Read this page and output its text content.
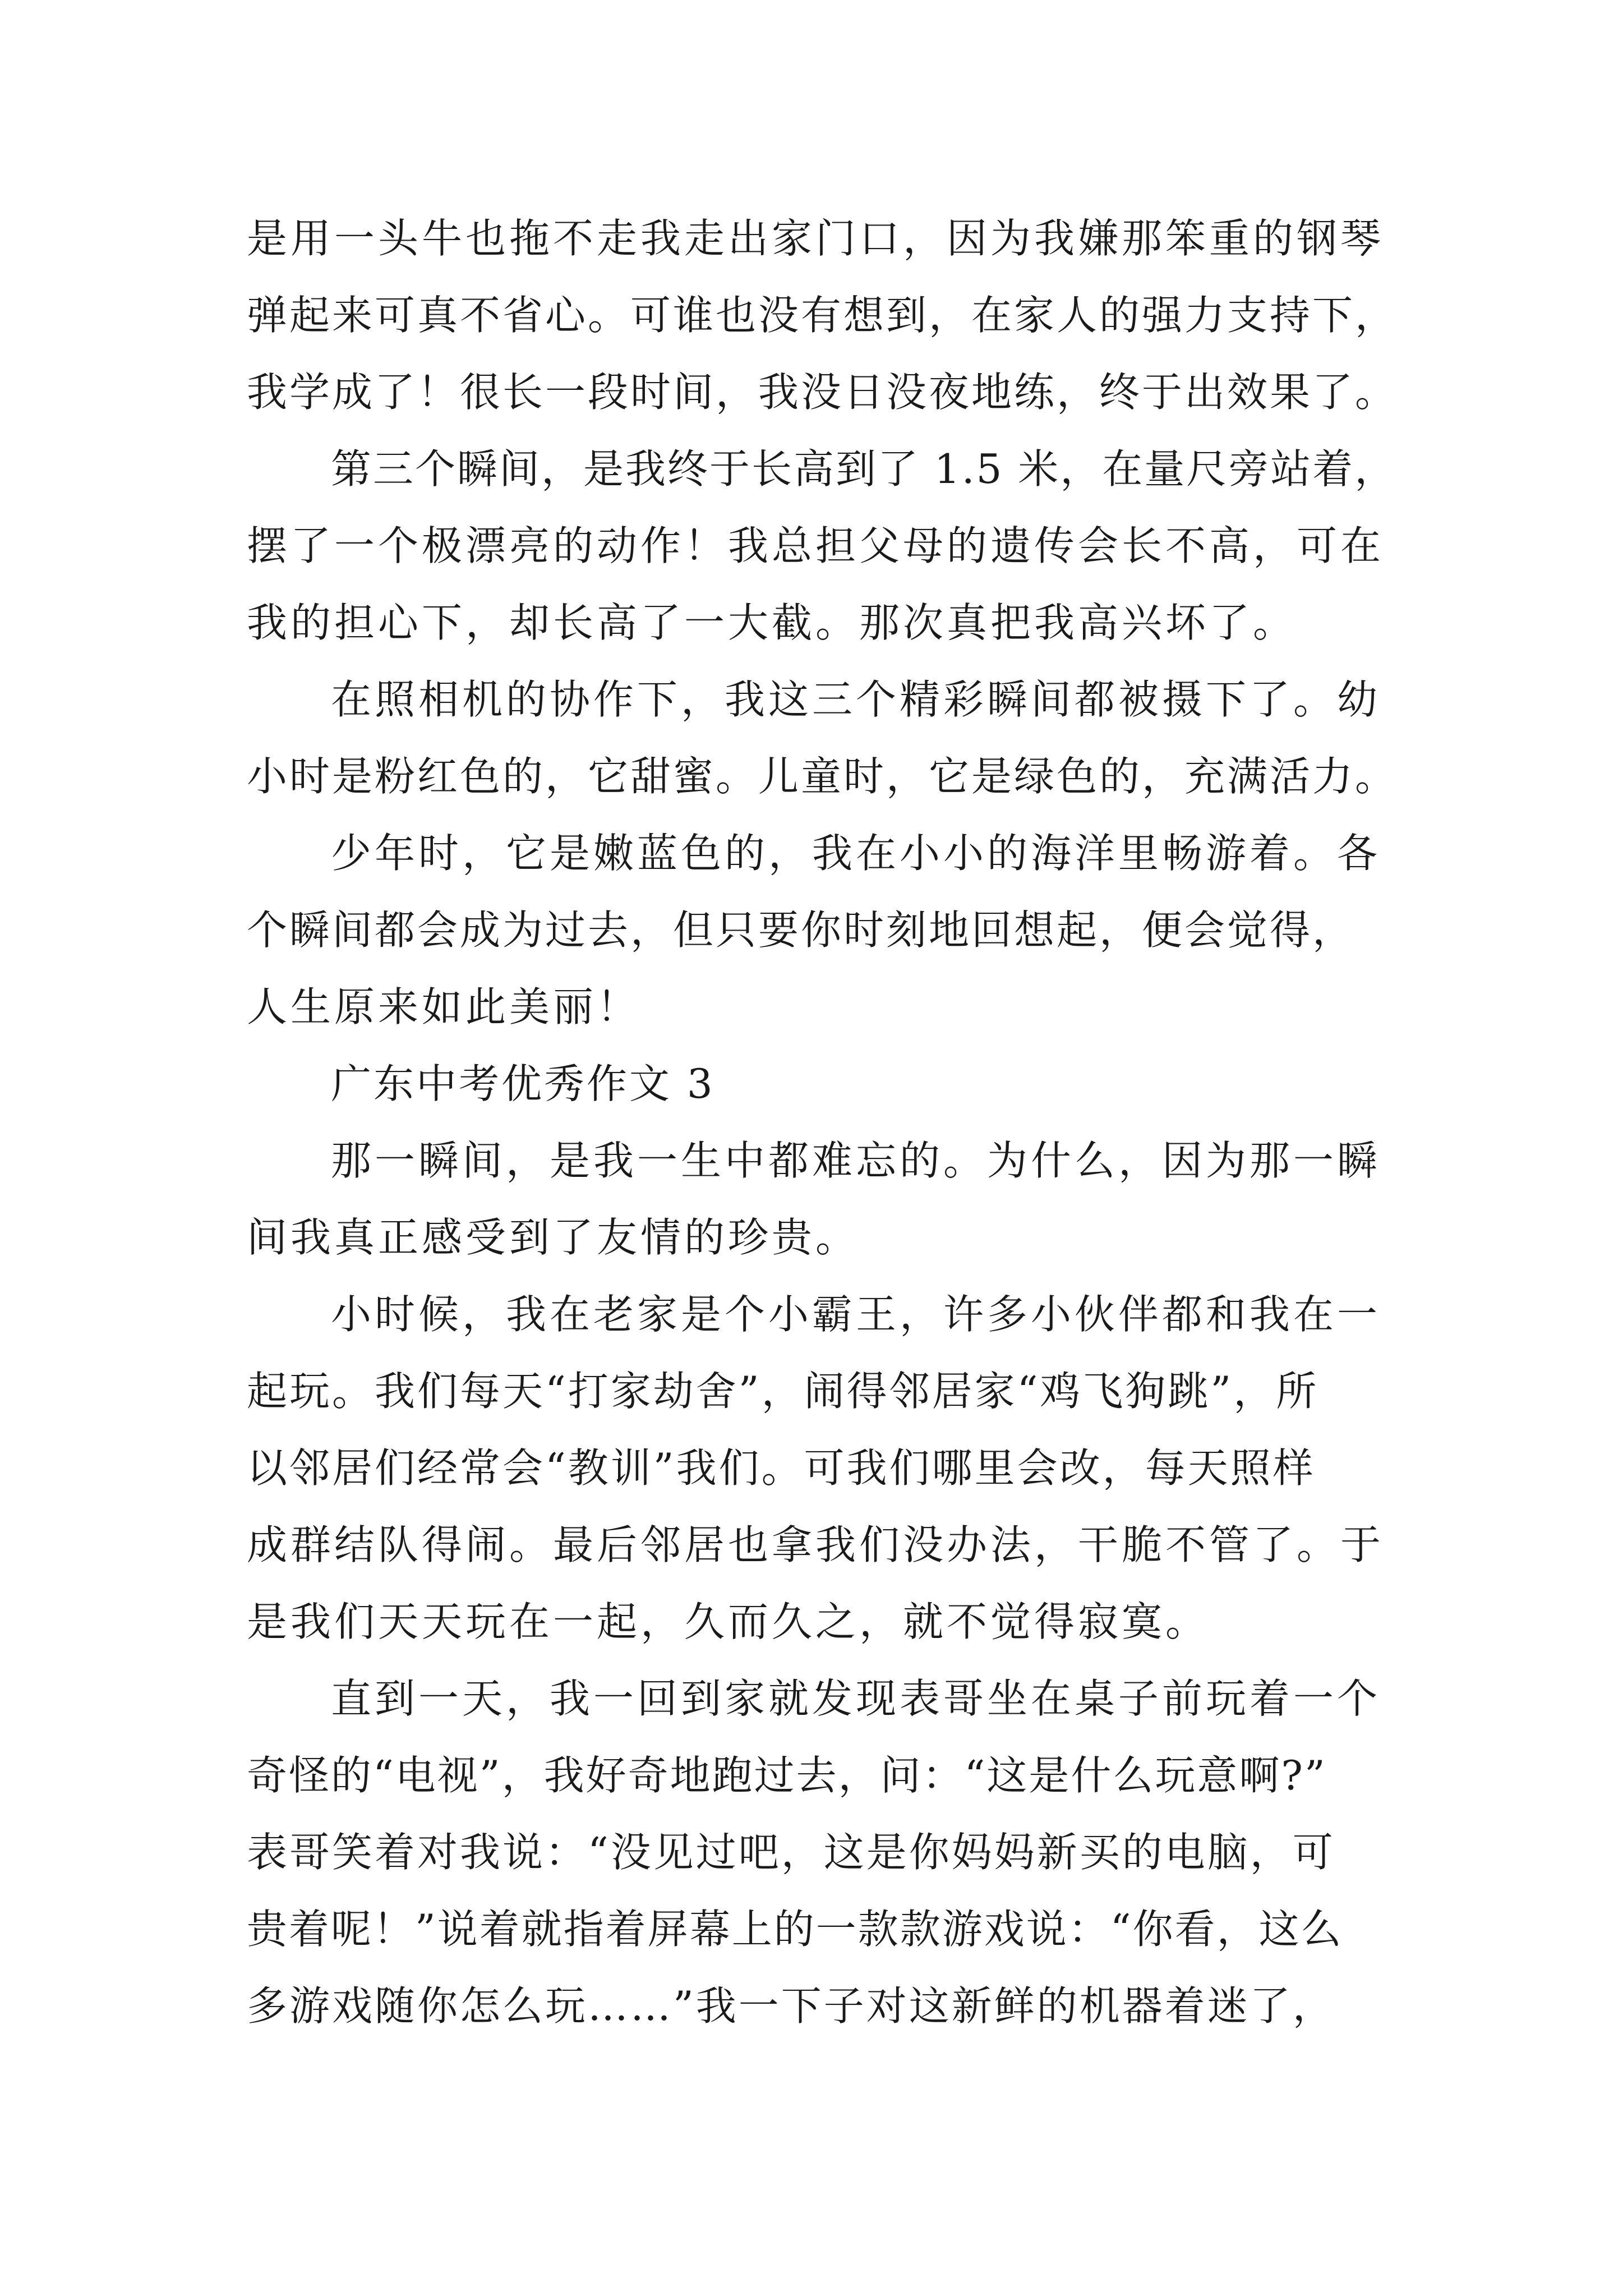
是用一头牛也拖不走我走出家门口，因为我嫌那笨重的钢琴
弹起来可真不省心。可谁也没有想到，在家人的强力支持下，
我学成了！很长一段时间，我没日没夜地练，终于出效果了。
第三个瞬间，是我终于长高到了 1.5 米，在量尺旁站着，
摆了一个极漂亮的动作！我总担父母的遗传会长不高，可在
我的担心下，却长高了一大截。那次真把我高兴坏了。
在照相机的协作下，我这三个精彩瞬间都被摄下了。幼
小时是粉红色的，它甜蜜。儿童时，它是绿色的，充满活力。
少年时，它是嫩蓝色的，我在小小的海洋里畅游着。各
个瞬间都会成为过去，但只要你时刻地回想起，便会觉得，
人生原来如此美丽！
广东中考优秀作文 3
那一瞬间，是我一生中都难忘的。为什么，因为那一瞬
间我真正感受到了友情的珍贵。
小时候，我在老家是个小霸王，许多小伙伴都和我在一
起玩。我们每天“打家劫舍”，闹得邻居家“鸡飞狗跳”，所
以邻居们经常会“教训”我们。可我们哪里会改，每天照样
成群结队得闹。最后邻居也拿我们没办法，干脆不管了。于
是我们天天玩在一起，久而久之，就不觉得寂寞。
直到一天，我一回到家就发现表哥坐在桌子前玩着一个
奇怪的“电视”，我好奇地跑过去，问：“这是什么玩意啊?”
表哥笑着对我说：“没见过吧，这是你妈妈新买的电脑，可
贵着呢！”说着就指着屏幕上的一款款游戏说：“你看，这么
多游戏随你怎么玩……”我一下子对这新鲜的机器着迷了，
